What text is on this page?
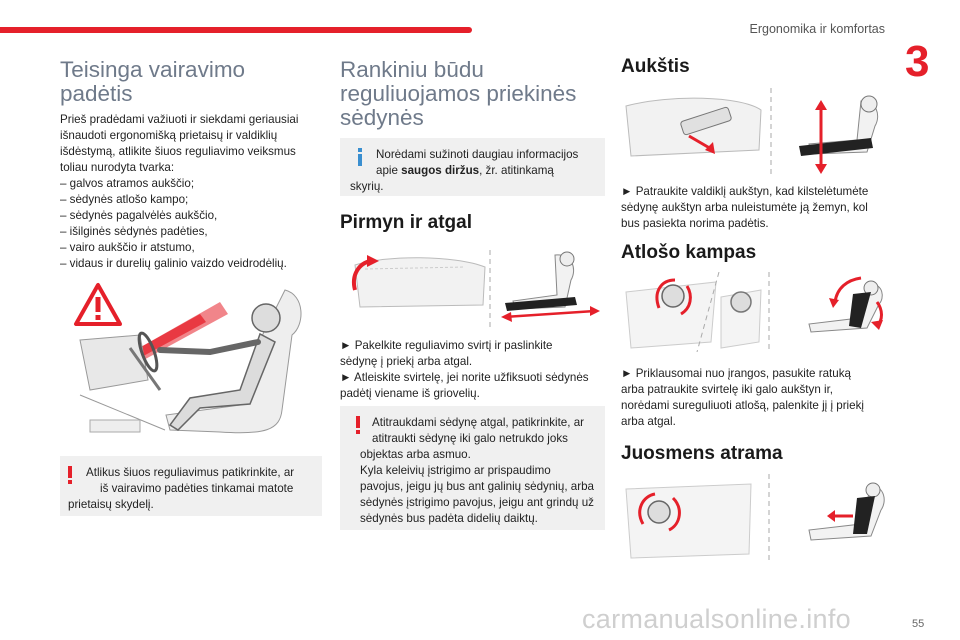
Ergonomika ir komfortas
3

Teisinga vairavimo

padėtis

Prieš pradėdami važiuoti ir siekdami geriausiai

išnaudoti ergonomišką prietaisų ir valdiklių

išdėstymą, atlikite šiuos reguliavimo veiksmus

toliau nurodyta tvarka:

– galvos atramos aukščio;

– sėdynės atlošo kampo;

– sėdynės pagalvėlės aukščio,

– išilginės sėdynės padėties,

– vairo aukščio ir atstumo,

– vidaus ir durelių galinio vaizdo veidrodėlių.

Atlikus šiuos reguliavimus patikrinkite, ar
iš vairavimo padėties tinkamai matote
prietaisų skydelį.

Rankiniu būdu

reguliuojamos priekinės

sėdynės

Norėdami sužinoti daugiau informacijos
apie saugos diržus, žr. atitinkamą
skyrių.

Pirmyn ir atgal

► Pakelkite reguliavimo svirtį ir paslinkite

sėdynę į priekį arba atgal.

► Atleiskite svirtelę, jei norite užfiksuoti sėdynės

padėtį viename iš griovelių.

Atitraukdami sėdynę atgal, patikrinkite, ar
atitraukti sėdynę iki galo netrukdo joks
objektas arba asmuo.
Kyla keleivių įstrigimo ar prispaudimo
pavojus, jeigu jų bus ant galinių sėdynių, arba
sėdynės įstrigimo pavojus, jeigu ant grindų už
sėdynės bus padėta didelių daiktų.

Aukštis

► Patraukite valdiklį aukštyn, kad kilstelėtumėte

sėdynę aukštyn arba nuleistumėte ją žemyn, kol

bus pasiekta norima padėtis.

Atlošo kampas

► Priklausomai nuo įrangos, pasukite ratuką

arba patraukite svirtelę iki galo aukštyn ir,

norėdami sureguliuoti atlošą, palenkite jį į priekį

arba atgal.

Juosmens atrama

carmanualsonline.info	55
